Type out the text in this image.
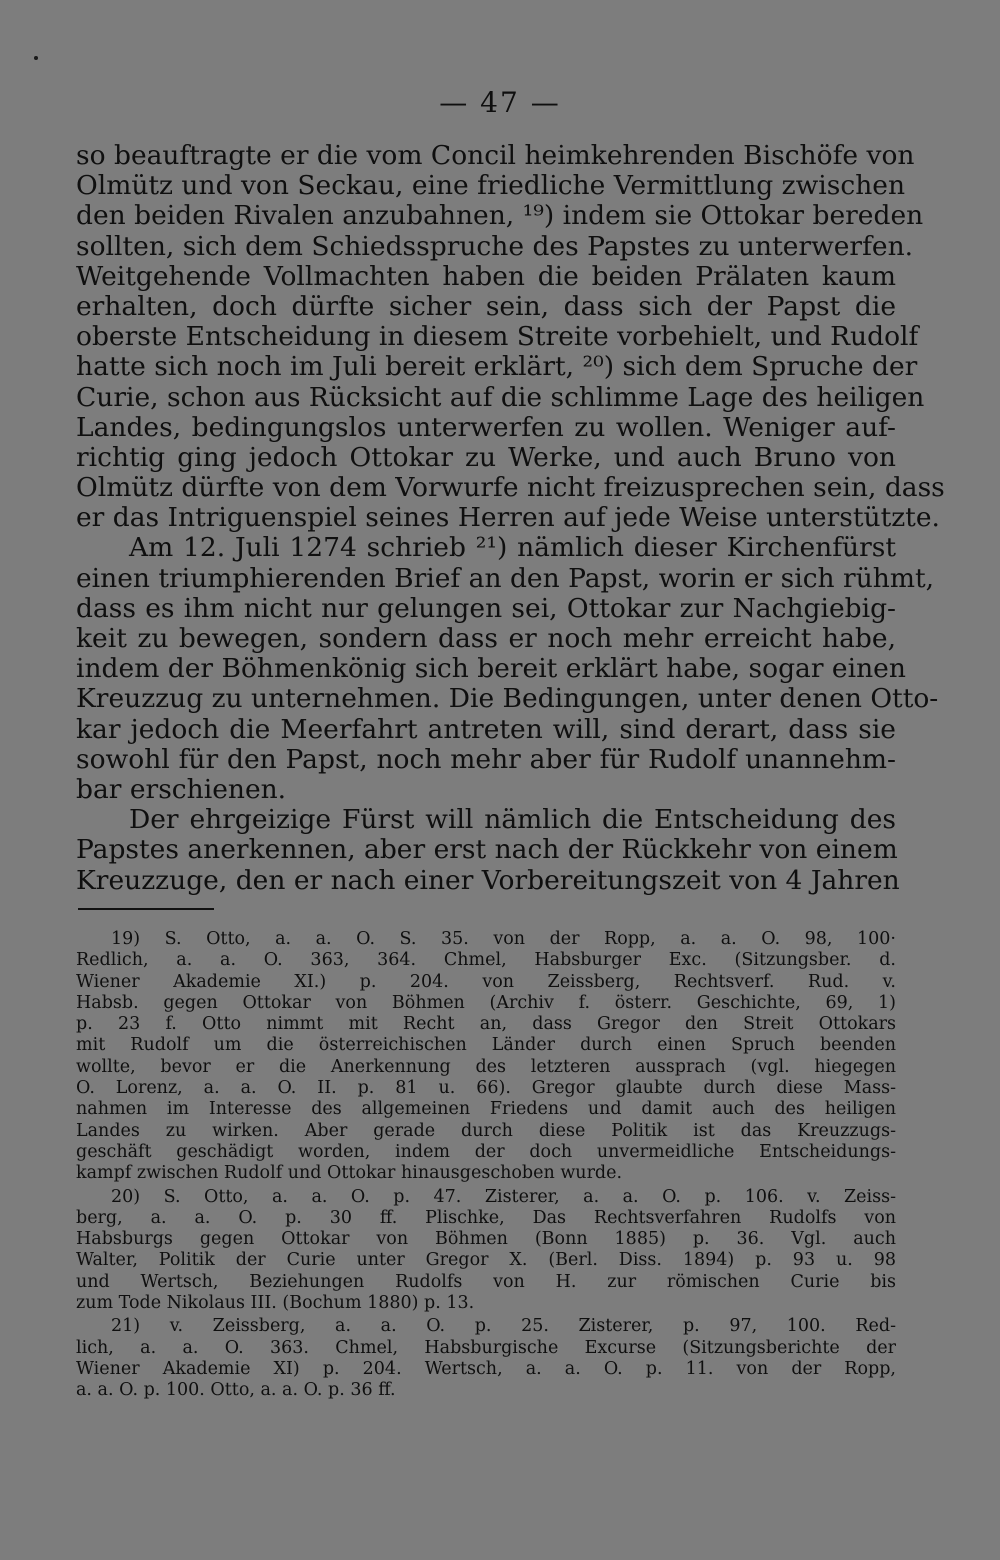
— 47 —
so beauftragte er die vom Concil heimkehrenden Bischöfe von
Olmütz und von Seckau, eine friedliche Vermittlung zwischen
den beiden Rivalen anzubahnen, ¹⁹) indem sie Ottokar bereden
sollten, sich dem Schiedsspruche des Papstes zu unterwerfen.
Weitgehende Vollmachten haben die beiden Prälaten kaum
erhalten, doch dürfte sicher sein, dass sich der Papst die
oberste Entscheidung in diesem Streite vorbehielt, und Rudolf
hatte sich noch im Juli bereit erklärt, ²⁰) sich dem Spruche der
Curie, schon aus Rücksicht auf die schlimme Lage des heiligen
Landes, bedingungslos unterwerfen zu wollen. Weniger auf-
richtig ging jedoch Ottokar zu Werke, und auch Bruno von
Olmütz dürfte von dem Vorwurfe nicht freizusprechen sein, dass
er das Intriguenspiel seines Herren auf jede Weise unterstützte.
Am 12. Juli 1274 schrieb ²¹) nämlich dieser Kirchenfürst
einen triumphierenden Brief an den Papst, worin er sich rühmt,
dass es ihm nicht nur gelungen sei, Ottokar zur Nachgiebig-
keit zu bewegen, sondern dass er noch mehr erreicht habe,
indem der Böhmenkönig sich bereit erklärt habe, sogar einen
Kreuzzug zu unternehmen. Die Bedingungen, unter denen Otto-
kar jedoch die Meerfahrt antreten will, sind derart, dass sie
sowohl für den Papst, noch mehr aber für Rudolf unannehm-
bar erschienen.
Der ehrgeizige Fürst will nämlich die Entscheidung des
Papstes anerkennen, aber erst nach der Rückkehr von einem
Kreuzzuge, den er nach einer Vorbereitungszeit von 4 Jahren
19) S. Otto, a. a. O. S. 35. von der Ropp, a. a. O. 98, 100·
Redlich, a. a. O. 363, 364. Chmel, Habsburger Exc. (Sitzungsber. d.
Wiener Akademie XI.) p. 204. von Zeissberg, Rechtsverf. Rud. v.
Habsb. gegen Ottokar von Böhmen (Archiv f. österr. Geschichte, 69, 1)
p. 23 f. Otto nimmt mit Recht an, dass Gregor den Streit Ottokars
mit Rudolf um die österreichischen Länder durch einen Spruch beenden
wollte, bevor er die Anerkennung des letzteren aussprach (vgl. hiegegen
O. Lorenz, a. a. O. II. p. 81 u. 66). Gregor glaubte durch diese Mass-
nahmen im Interesse des allgemeinen Friedens und damit auch des heiligen
Landes zu wirken. Aber gerade durch diese Politik ist das Kreuzzugs-
geschäft geschädigt worden, indem der doch unvermeidliche Entscheidungs-
kampf zwischen Rudolf und Ottokar hinausgeschoben wurde.
20) S. Otto, a. a. O. p. 47. Zisterer, a. a. O. p. 106. v. Zeiss-
berg, a. a. O. p. 30 ff. Plischke, Das Rechtsverfahren Rudolfs von
Habsburgs gegen Ottokar von Böhmen (Bonn 1885) p. 36. Vgl. auch
Walter, Politik der Curie unter Gregor X. (Berl. Diss. 1894) p. 93 u. 98
und Wertsch, Beziehungen Rudolfs von H. zur römischen Curie bis
zum Tode Nikolaus III. (Bochum 1880) p. 13.
21) v. Zeissberg, a. a. O. p. 25. Zisterer, p. 97, 100. Red-
lich, a. a. O. 363. Chmel, Habsburgische Excurse (Sitzungsberichte der
Wiener Akademie XI) p. 204. Wertsch, a. a. O. p. 11. von der Ropp,
a. a. O. p. 100. Otto, a. a. O. p. 36 ff.
